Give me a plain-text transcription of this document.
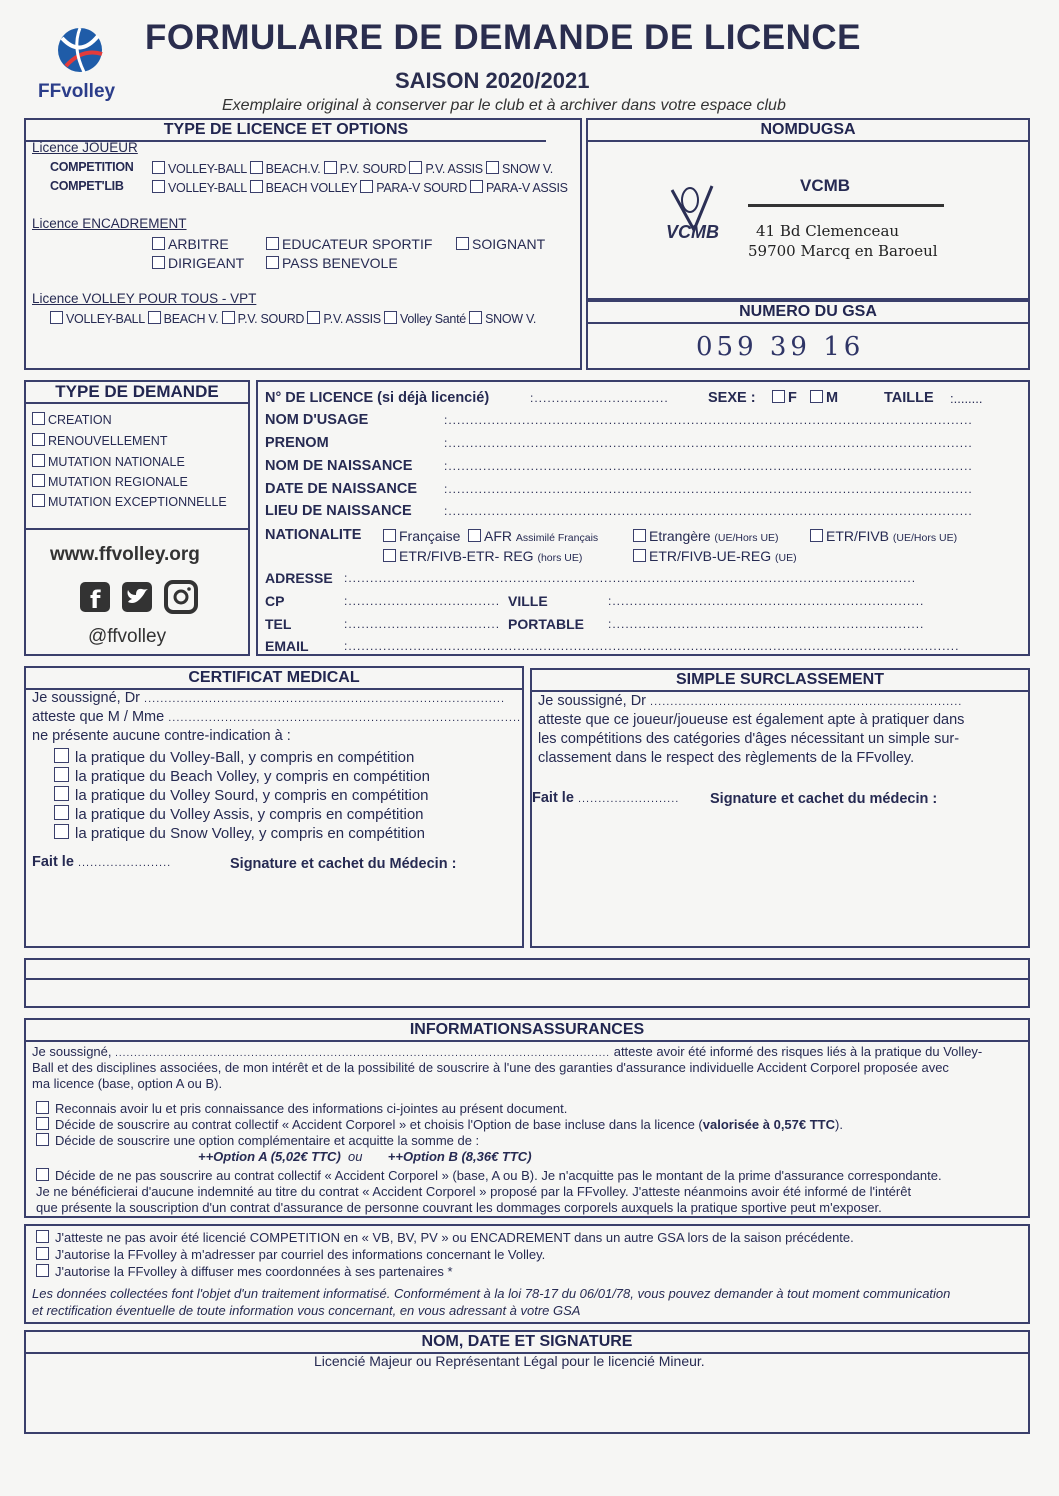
FFvolley
FORMULAIRE DE DEMANDE DE LICENCE
SAISON 2020/2021
Exemplaire original à conserver par le club et à archiver dans votre espace club
TYPE DE LICENCE ET OPTIONS
Licence JOUEUR
COMPETITION	VOLLEY-BALL BEACH.V. P.V. SOURD P.V. ASSIS SNOW V.
COMPET'LIB	VOLLEY-BALL BEACH VOLLEY PARA-V SOURD PARA-V ASSIS
Licence ENCADREMENT
ARBITRE	EDUCATEUR SPORTIF	SOIGNANT
DIRIGEANT	PASS BENEVOLE
Licence VOLLEY POUR TOUS - VPT
VOLLEY-BALL BEACH V. P.V. SOURD P.V. ASSIS Volley Santé SNOW V.
NOMDUGSA
VCMB
VCMB
41 Bd Clemenceau
59700 Marcq en Baroeul
NUMERO DU GSA
059 39 16
TYPE DE DEMANDE
CREATION
RENOUVELLEMENT
MUTATION NATIONALE
MUTATION REGIONALE
MUTATION EXCEPTIONNELLE
www.ffvolley.org
f
@ffvolley
N° DE LICENCE (si déjà licencié)	:...............................	SEXE :	F	M	TAILLE :........
NOM D'USAGE	:.........................................................................................................................
PRENOM	:.........................................................................................................................
NOM DE NAISSANCE	:.........................................................................................................................
DATE DE NAISSANCE :.........................................................................................................................
LIEU DE NAISSANCE	:.........................................................................................................................
NATIONALITE	Française	AFR Assimilé Français	Etrangère (UE/Hors UE)	ETR/FIVB (UE/Hors UE)
ETR/FIVB-ETR- REG (hors UE)	ETR/FIVB-UE-REG (UE)
ADRESSE :...................................................................................................................................
CP	:................................... VILLE	:........................................................................
TEL	:................................... PORTABLE :........................................................................
EMAIL	:.............................................................................................................................................
CERTIFICAT MEDICAL
Je soussigné, Dr .........................................................................................
atteste que M / Mme .......................................................................................
ne présente aucune contre-indication à :
la pratique du Volley-Ball, y compris en compétition
la pratique du Beach Volley, y compris en compétition
la pratique du Volley Sourd, y compris en compétition
la pratique du Volley Assis, y compris en compétition
la pratique du Snow Volley, y compris en compétition
Fait le .......................	Signature et cachet du Médecin :
SIMPLE SURCLASSEMENT
Je soussigné, Dr .............................................................................
atteste que ce joueur/joueuse est également apte à pratiquer dans
les compétitions des catégories d'âges nécessitant un simple sur-
classement dans le respect des règlements de la FFvolley.
Fait le ......................... Signature et cachet du médecin :
INFORMATIONSASSURANCES
Je soussigné, ................................................................................................................................... atteste avoir été informé des risques liés à la pratique du Volley-
Ball et des disciplines associées, de mon intérêt et de la possibilité de souscrire à l'une des garanties d'assurance individuelle Accident Corporel proposée avec
ma licence (base, option A ou B).
Reconnais avoir lu et pris connaissance des informations ci-jointes au présent document.
Décide de souscrire au contrat collectif « Accident Corporel » et choisis l'Option de base incluse dans la licence (valorisée à 0,57€ TTC).
Décide de souscrire une option complémentaire et acquitte la somme de :
++Option A (5,02€ TTC) ou ++Option B (8,36€ TTC)
Décide de ne pas souscrire au contrat collectif « Accident Corporel » (base, A ou B). Je n'acquitte pas le montant de la prime d'assurance correspondante.
Je ne bénéficierai d'aucune indemnité au titre du contrat « Accident Corporel » proposé par la FFvolley. J'atteste néanmoins avoir été informé de l'intérêt
que présente la souscription d'un contrat d'assurance de personne couvrant les dommages corporels auxquels la pratique sportive peut m'exposer.
J'atteste ne pas avoir été licencié COMPETITION en « VB, BV, PV » ou ENCADREMENT dans un autre GSA lors de la saison précédente.
J'autorise la FFvolley à m'adresser par courriel des informations concernant le Volley.
J'autorise la FFvolley à diffuser mes coordonnées à ses partenaires *
Les données collectées font l'objet d'un traitement informatisé. Conformément à la loi 78-17 du 06/01/78, vous pouvez demander à tout moment communication
et rectification éventuelle de toute information vous concernant, en vous adressant à votre GSA
NOM, DATE ET SIGNATURE
Licencié Majeur ou Représentant Légal pour le licencié Mineur.
